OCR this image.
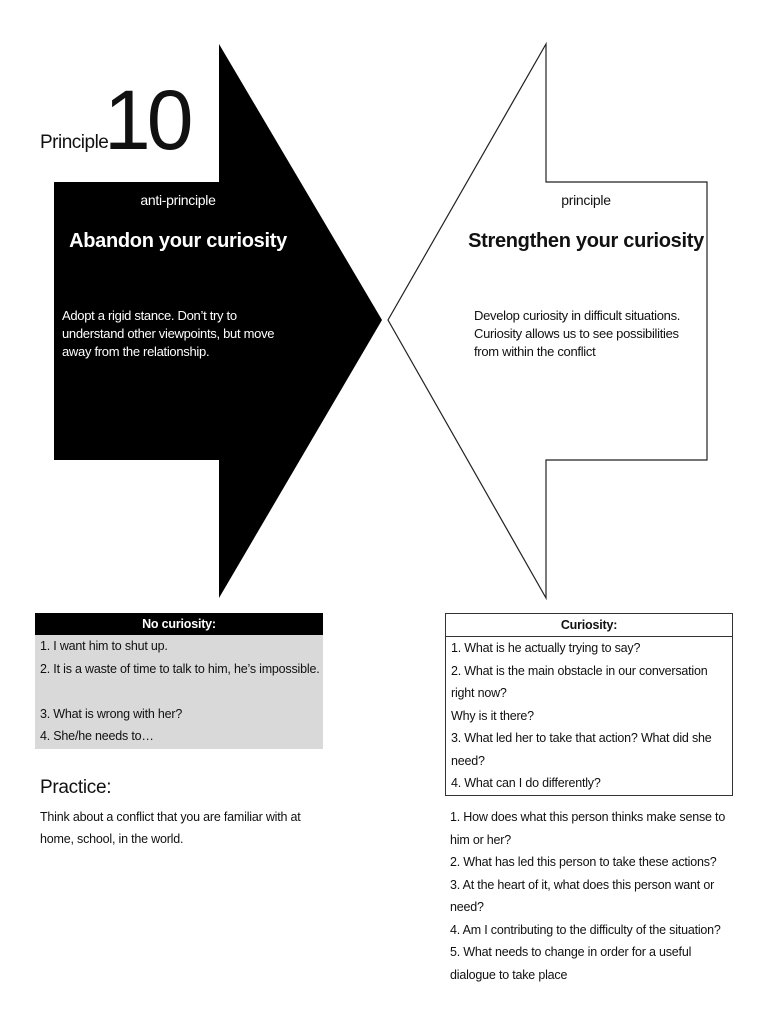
Principle
10
anti-principle
Abandon your curiosity
Adopt a rigid stance. Don’t try to understand other viewpoints, but move away from the relationship.
principle
Strengthen your curiosity
Develop curiosity in difficult situations. Curiosity allows us to see possibilities from within the conflict
No curiosity:
1. I want him to shut up.
2. It is a waste of time to talk to him, he’s impossible.
3. What is wrong with her?
4. She/he needs to…
Curiosity:
1. What is he actually trying to say?
2. What is the main obstacle in our conversation right now?
Why is it there?
3. What led her to take that action? What did she need?
4. What can I do differently?
Practice:
Think about a conflict that you are familiar with at home, school, in the world.
1. How does what this person thinks make sense to him or her?
2. What has led this person to take these actions?
3. At the heart of it, what does this person want or need?
4. Am I contributing to the difficulty of the situation?
5. What needs to change in order for a useful dialogue to take place
